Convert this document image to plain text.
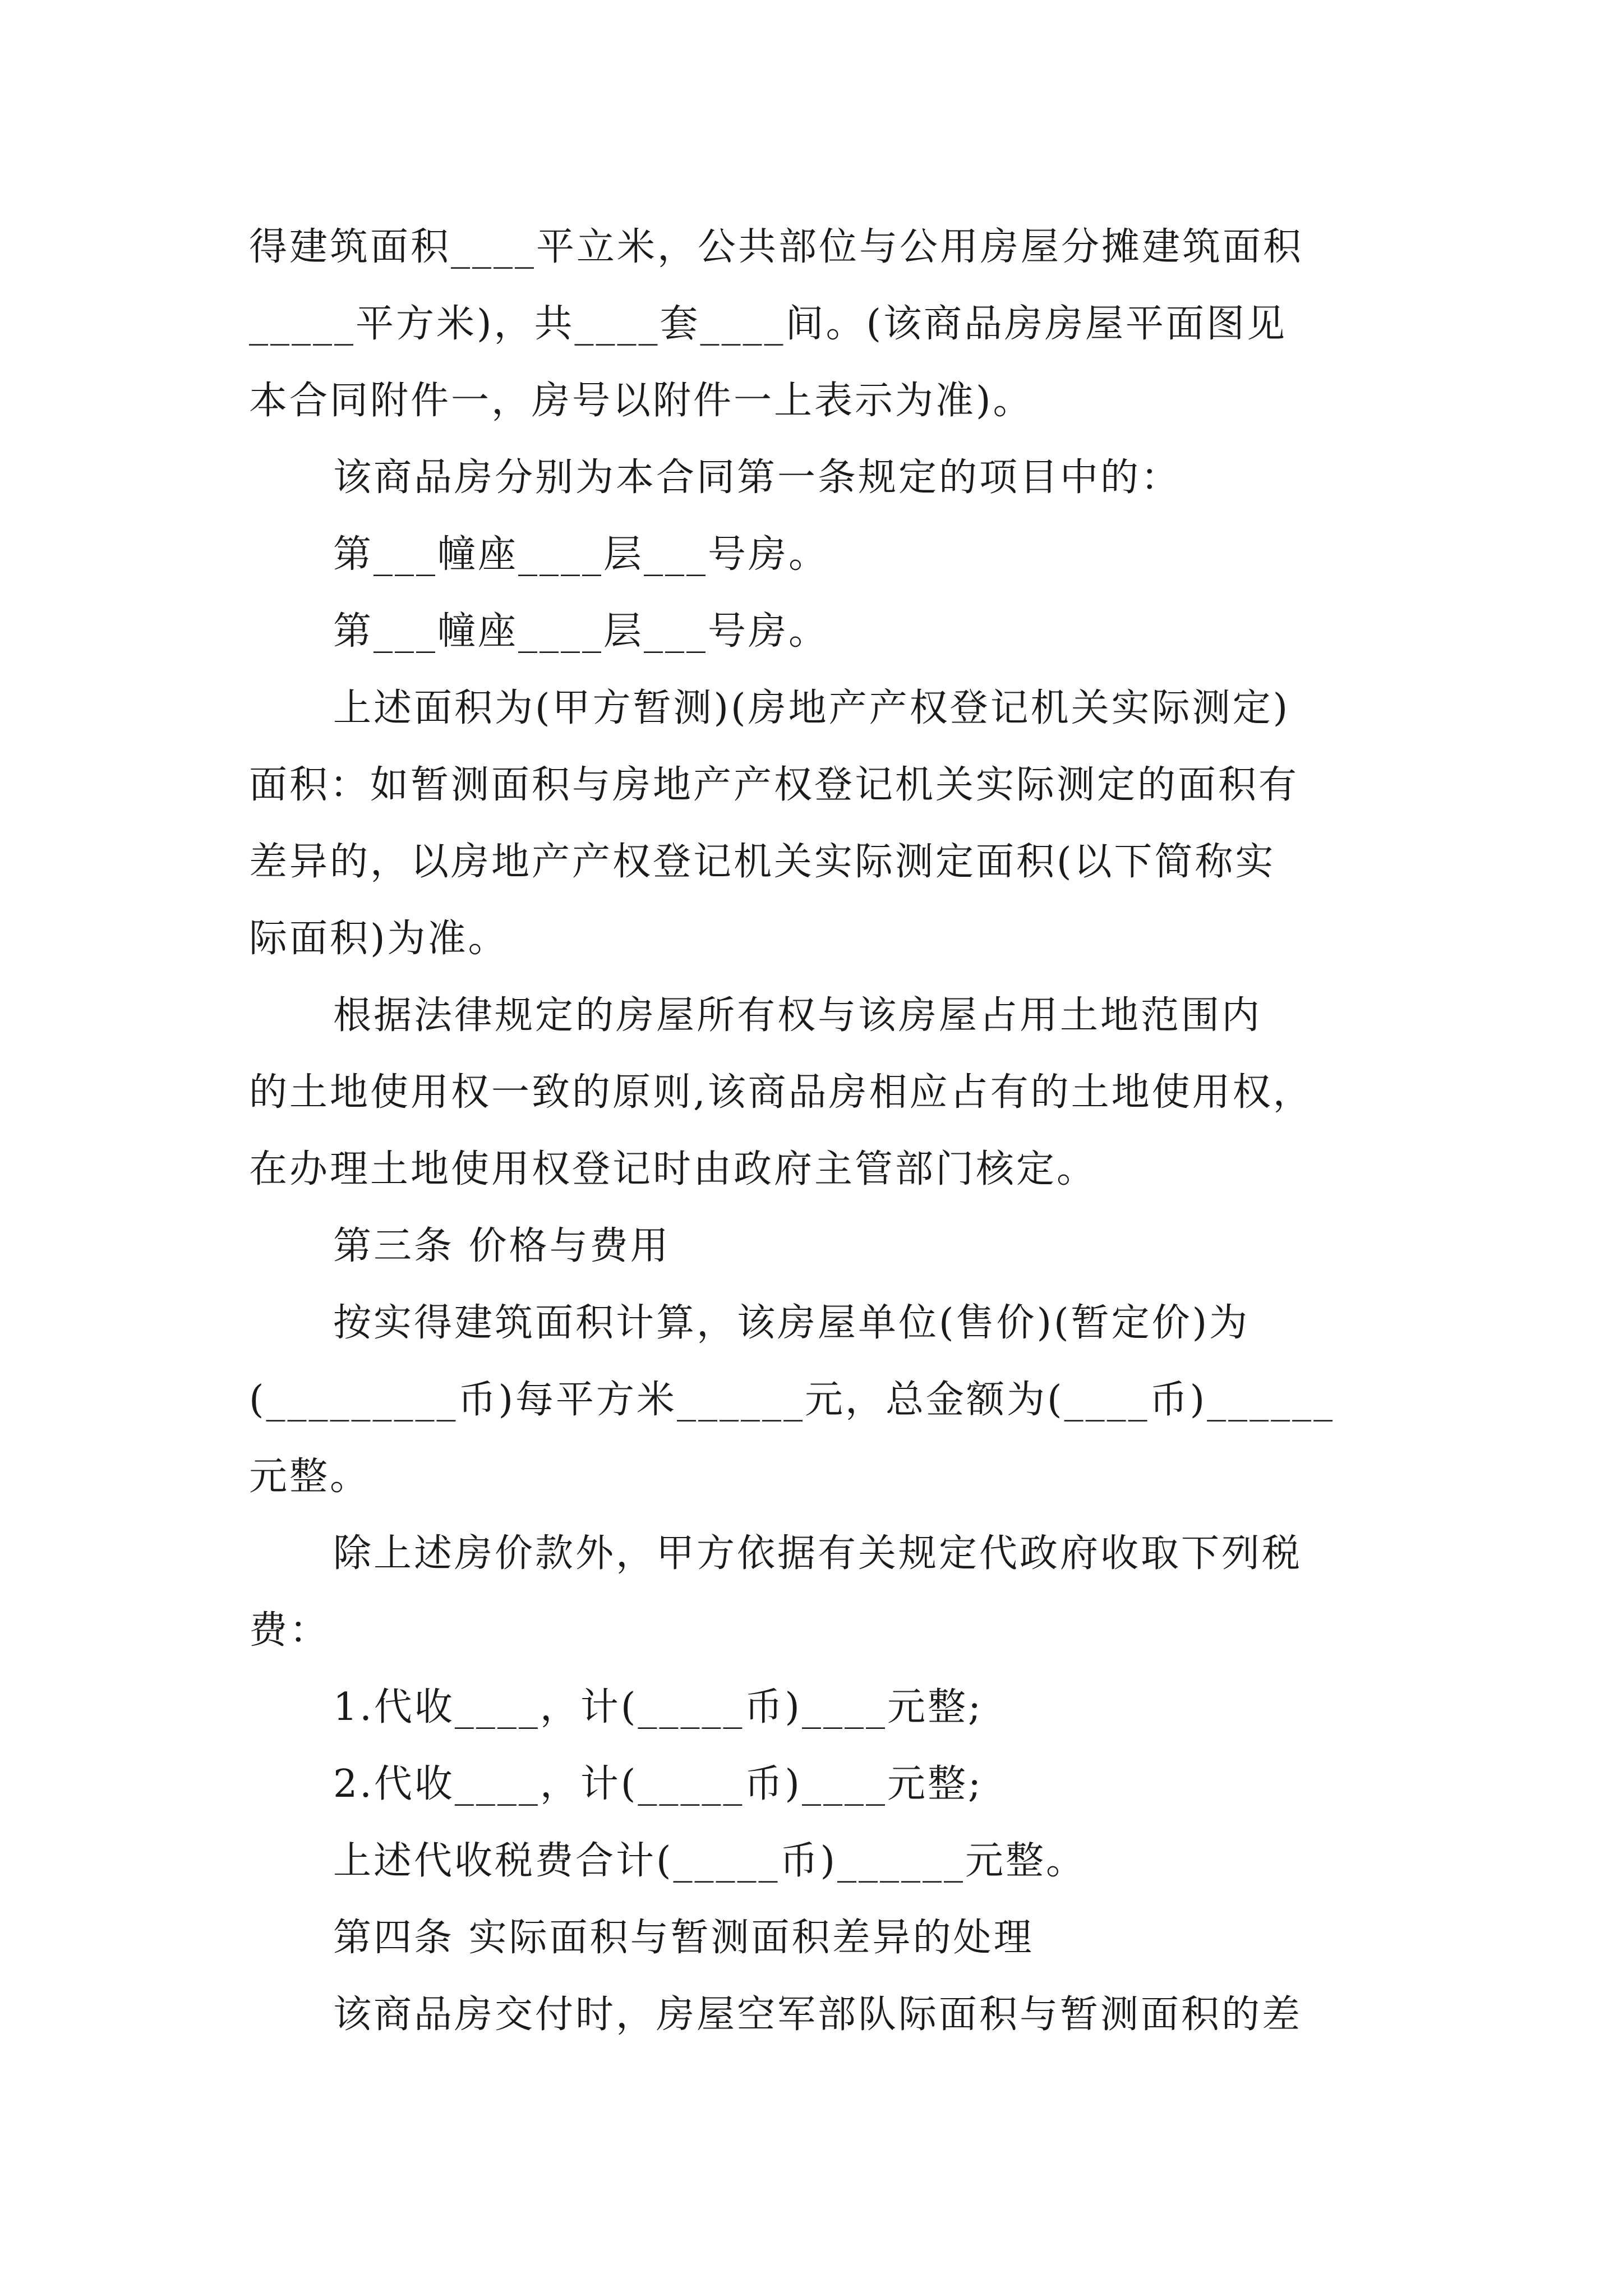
得建筑面积____平立米，公共部位与公用房屋分摊建筑面积
_____平方米)，共____套____间。(该商品房房屋平面图见
本合同附件一，房号以附件一上表示为准)。
该商品房分别为本合同第一条规定的项目中的：
第___幢座____层___号房。
第___幢座____层___号房。
上述面积为(甲方暂测)(房地产产权登记机关实际测定)
面积：如暂测面积与房地产产权登记机关实际测定的面积有
差异的，以房地产产权登记机关实际测定面积(以下简称实
际面积)为准。
根据法律规定的房屋所有权与该房屋占用土地范围内
的土地使用权一致的原则,该商品房相应占有的土地使用权，
在办理土地使用权登记时由政府主管部门核定。
第三条 价格与费用
按实得建筑面积计算，该房屋单位(售价)(暂定价)为
(_________币)每平方米______元，总金额为(____币)______
元整。
除上述房价款外，甲方依据有关规定代政府收取下列税
费：
1.代收____，计(_____币)____元整;
2.代收____，计(_____币)____元整;
上述代收税费合计(_____币)______元整。
第四条 实际面积与暂测面积差异的处理
该商品房交付时，房屋空军部队际面积与暂测面积的差
